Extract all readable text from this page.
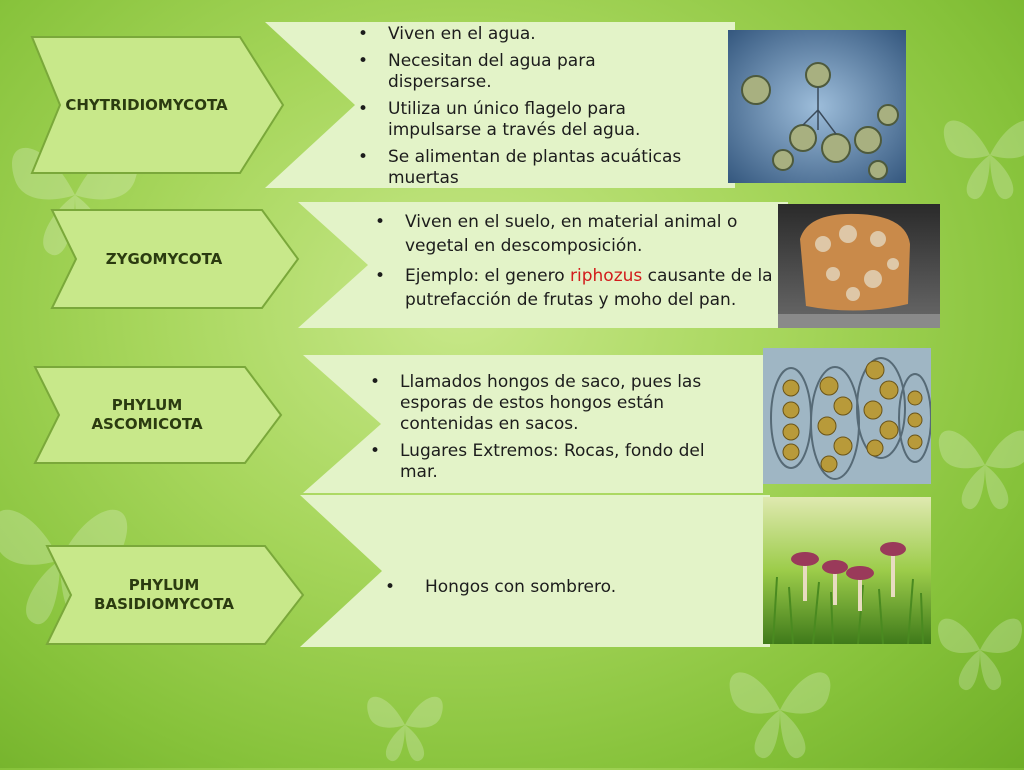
CHYTRIDIOMYCOTA
• Viven en el agua.
• Necesitan del agua para dispersarse.
• Utiliza un único flagelo para impulsarse a través del agua.
• Se alimentan de plantas acuáticas muertas
ZYGOMYCOTA
• Viven en el suelo, en material animal o vegetal en descomposición.
• Ejemplo: el genero riphozus causante de la putrefacción de frutas y moho del pan.
PHYLUM ASCOMICOTA
• Llamados hongos de saco, pues las esporas de estos hongos están contenidas en sacos.
• Lugares Extremos: Rocas, fondo del mar.
PHYLUM BASIDIOMYCOTA
• Hongos con sombrero.
